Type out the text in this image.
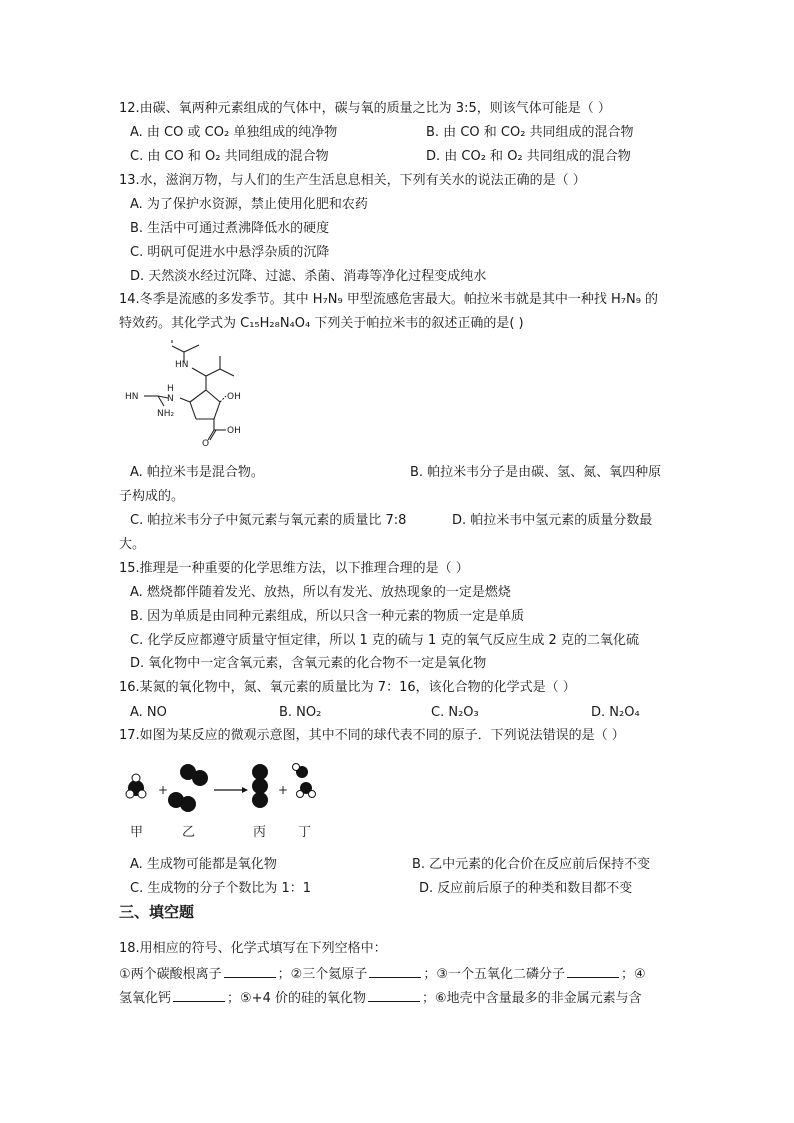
12.由碳、氧两种元素组成的气体中，碳与氧的质量之比为 3:5，则该气体可能是（ ）
A. 由 CO 或 CO₂ 单独组成的纯净物	B. 由 CO 和 CO₂ 共同组成的混合物
C. 由 CO 和 O₂ 共同组成的混合物	D. 由 CO₂ 和 O₂ 共同组成的混合物
13.水，滋润万物，与人们的生产生活息息相关，下列有关水的说法正确的是（ ）
A. 为了保护水资源，禁止使用化肥和农药
B. 生活中可通过煮沸降低水的硬度
C. 明矾可促进水中悬浮杂质的沉降
D. 天然淡水经过沉降、过滤、杀菌、消毒等净化过程变成纯水
14.冬季是流感的多发季节。其中 H₇N₉ 甲型流感危害最大。帕拉米韦就是其中一种找 H₇N₉ 的
特效药。其化学式为 C₁₅H₂₈N₄O₄ 下列关于帕拉米韦的叙述正确的是( )
HN
H
N
HN
NH₂
OH
OH
O
A. 帕拉米韦是混合物。	B. 帕拉米韦分子是由碳、氢、氮、氧四种原
子构成的。
C. 帕拉米韦分子中氮元素与氧元素的质量比 7:8	D. 帕拉米韦中氢元素的质量分数最
大。
15.推理是一种重要的化学思维方法，以下推理合理的是（ ）
A. 燃烧都伴随着发光、放热，所以有发光、放热现象的一定是燃烧
B. 因为单质是由同种元素组成，所以只含一种元素的物质一定是单质
C. 化学反应都遵守质量守恒定律，所以 1 克的硫与 1 克的氧气反应生成 2 克的二氧化硫
D. 氧化物中一定含氧元素，含氧元素的化合物不一定是氧化物
16.某氮的氧化物中，氮、氧元素的质量比为 7：16，该化合物的化学式是（ ）
A. NO	B. NO₂	C. N₂O₃	D. N₂O₄
17.如图为某反应的微观示意图，其中不同的球代表不同的原子．下列说法错误的是（ ）
+	+
甲	乙	丙 丁
A. 生成物可能都是氧化物	B. 乙中元素的化合价在反应前后保持不变
C. 生成物的分子个数比为 1：1	D. 反应前后原子的种类和数目都不变
三、填空题
18.用相应的符号、化学式填写在下列空格中：
①两个碳酸根离子	；②三个氦原子	；③一个五氧化二磷分子	；④
氢氧化钙	；⑤+4 价的硅的氧化物	；⑥地壳中含量最多的非金属元素与含
